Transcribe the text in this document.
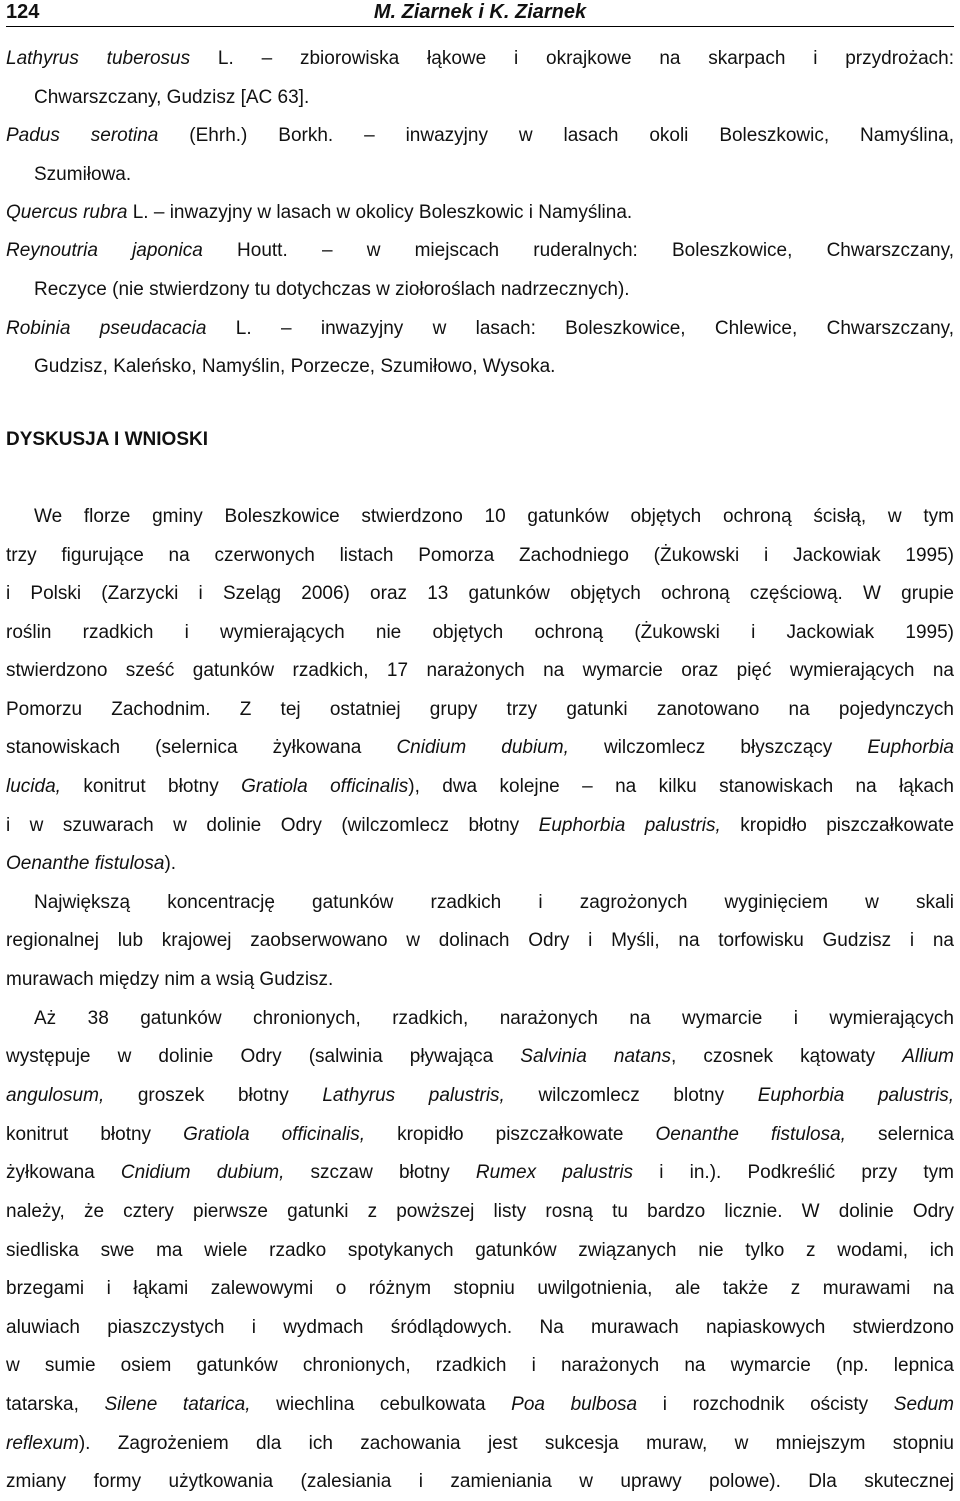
124	M. Ziarnek i K. Ziarnek
Lathyrus tuberosus L. – zbiorowiska łąkowe i okrajkowe na skarpach i przydrożach:
Chwarszczany, Gudzisz [AC 63].
Padus serotina (Ehrh.) Borkh. – inwazyjny w lasach okoli Boleszkowic, Namyślina,
Szumiłowa.
Quercus rubra L. – inwazyjny w lasach w okolicy Boleszkowic i Namyślina.
Reynoutria japonica Houtt. – w miejscach ruderalnych: Boleszkowice, Chwarszczany,
Reczyce (nie stwierdzony tu dotychczas w ziołoroślach nadrzecznych).
Robinia pseudacacia L. – inwazyjny w lasach: Boleszkowice, Chlewice, Chwarszczany,
Gudzisz, Kaleńsko, Namyślin, Porzecze, Szumiłowo, Wysoka.
DYSKUSJA I WNIOSKI
We florze gminy Boleszkowice stwierdzono 10 gatunków objętych ochroną ścisłą, w tym
trzy figurujące na czerwonych listach Pomorza Zachodniego (Żukowski i Jackowiak 1995)
i Polski (Zarzycki i Szeląg 2006) oraz 13 gatunków objętych ochroną częściową. W grupie
roślin rzadkich i wymierających nie objętych ochroną (Żukowski i Jackowiak 1995)
stwierdzono sześć gatunków rzadkich, 17 narażonych na wymarcie oraz pięć wymierających na
Pomorzu Zachodnim. Z tej ostatniej grupy trzy gatunki zanotowano na pojedynczych
stanowiskach (selernica żyłkowana Cnidium dubium, wilczomlecz błyszczący Euphorbia
lucida, konitrut błotny Gratiola officinalis), dwa kolejne – na kilku stanowiskach na łąkach
i w szuwarach w dolinie Odry (wilczomlecz błotny Euphorbia palustris, kropidło piszczałkowate
Oenanthe fistulosa).
Największą koncentrację gatunków rzadkich i zagrożonych wyginięciem w skali
regionalnej lub krajowej zaobserwowano w dolinach Odry i Myśli, na torfowisku Gudzisz i na
murawach między nim a wsią Gudzisz.
Aż 38 gatunków chronionych, rzadkich, narażonych na wymarcie i wymierających
występuje w dolinie Odry (salwinia pływająca Salvinia natans, czosnek kątowaty Allium
angulosum, groszek błotny Lathyrus palustris, wilczomlecz blotny Euphorbia palustris,
konitrut błotny Gratiola officinalis, kropidło piszczałkowate Oenanthe fistulosa, selernica
żyłkowana Cnidium dubium, szczaw błotny Rumex palustris i in.). Podkreślić przy tym
należy, że cztery pierwsze gatunki z powższej listy rosną tu bardzo licznie. W dolinie Odry
siedliska swe ma wiele rzadko spotykanych gatunków związanych nie tylko z wodami, ich
brzegami i łąkami zalewowymi o różnym stopniu uwilgotnienia, ale także z murawami na
aluwiach piaszczystych i wydmach śródlądowych. Na murawach napiaskowych stwierdzono
w sumie osiem gatunków chronionych, rzadkich i narażonych na wymarcie (np. lepnica
tatarska, Silene tatarica, wiechlina cebulkowata Poa bulbosa i rozchodnik ościsty Sedum
reflexum). Zagrożeniem dla ich zachowania jest sukcesja muraw, w mniejszym stopniu
zmiany formy użytkowania (zalesiania i zamieniania w uprawy polowe). Dla skutecznej
